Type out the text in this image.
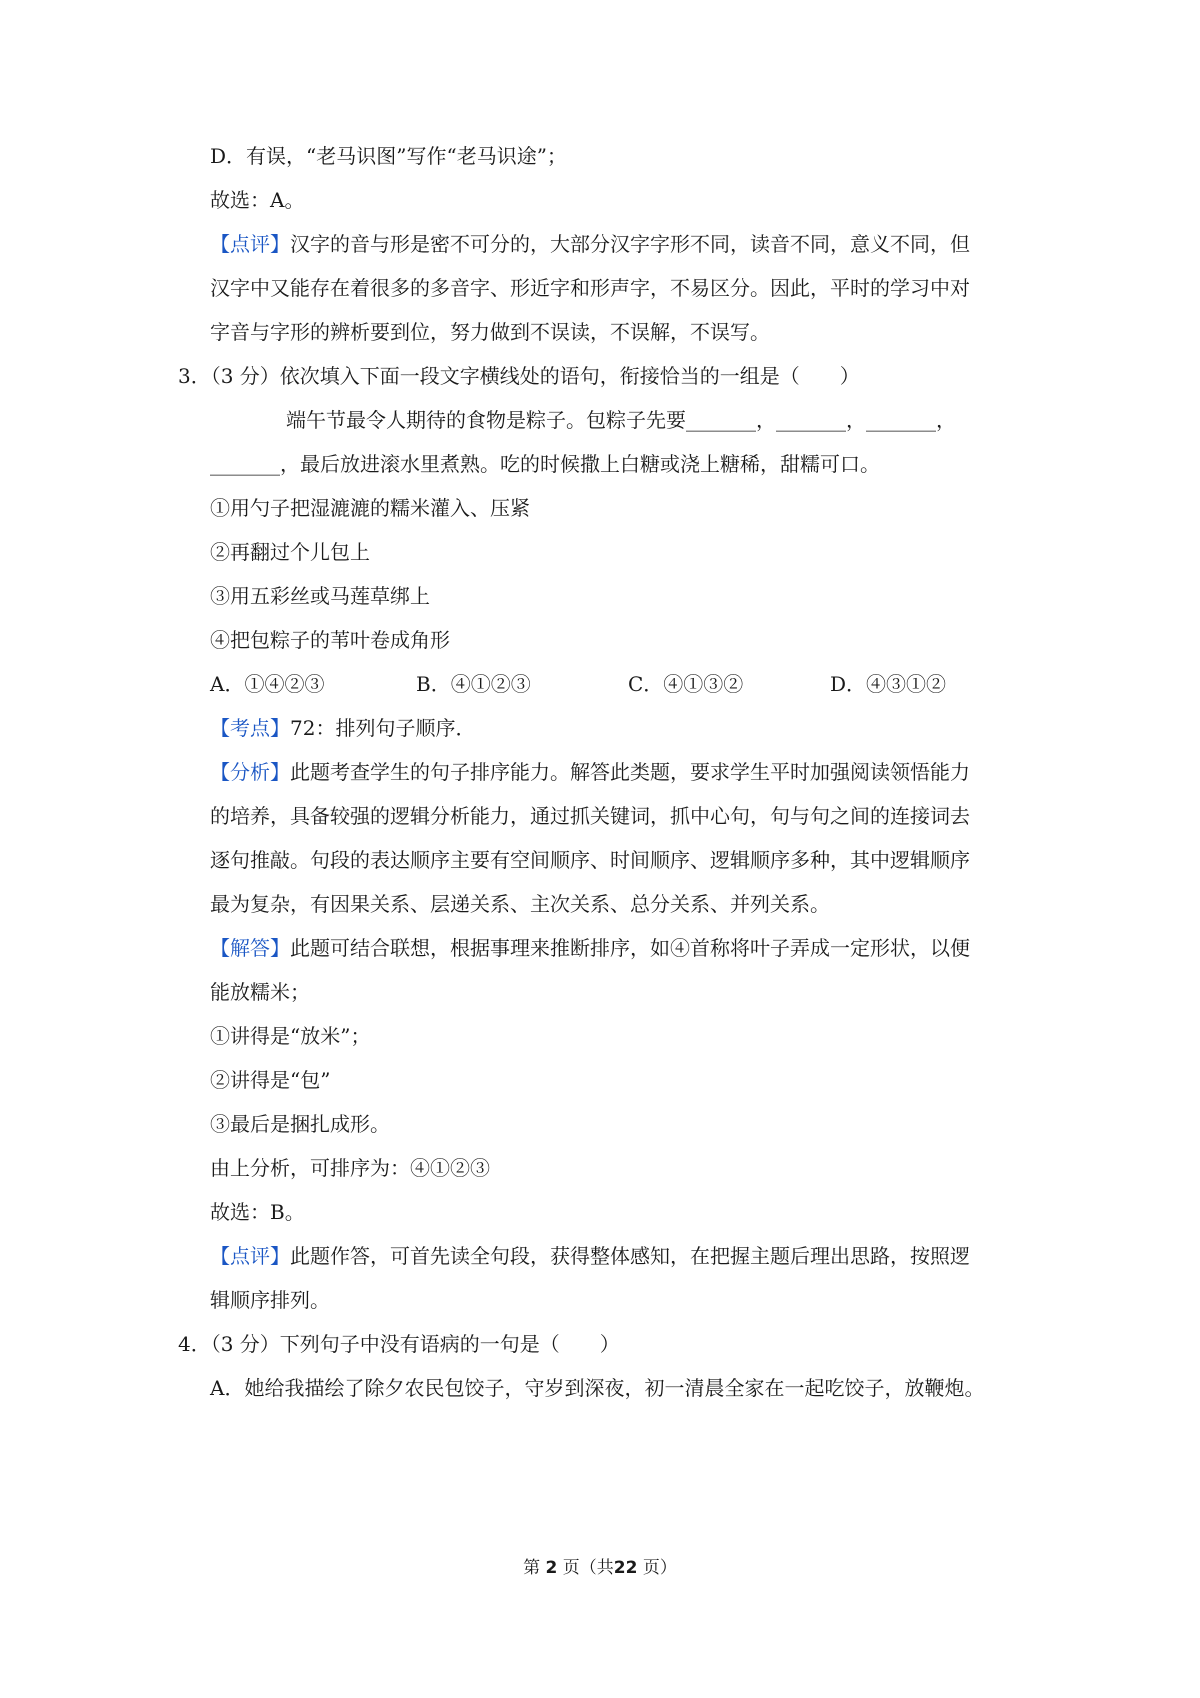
D．有误，“老马识图”写作“老马识途”；
故选：A。
【点评】汉字的音与形是密不可分的，大部分汉字字形不同，读音不同，意义不同，但
汉字中又能存在着很多的多音字、形近字和形声字，不易区分。因此，平时的学习中对
字音与字形的辨析要到位，努力做到不误读，不误解，不误写。
3．（3 分）依次填入下面一段文字横线处的语句，衔接恰当的一组是（　　）
端午节最令人期待的食物是粽子。包粽子先要_______，_______，_______，
_______，最后放进滚水里煮熟。吃的时候撒上白糖或浇上糖稀，甜糯可口。
①用勺子把湿漉漉的糯米灌入、压紧
②再翻过个儿包上
③用五彩丝或马莲草绑上
④把包粽子的苇叶卷成角形
A．①④②③	B．④①②③	C．④①③②	D．④③①②
【考点】72：排列句子顺序．
【分析】此题考查学生的句子排序能力。解答此类题，要求学生平时加强阅读领悟能力
的培养，具备较强的逻辑分析能力，通过抓关键词，抓中心句，句与句之间的连接词去
逐句推敲。句段的表达顺序主要有空间顺序、时间顺序、逻辑顺序多种，其中逻辑顺序
最为复杂，有因果关系、层递关系、主次关系、总分关系、并列关系。
【解答】此题可结合联想，根据事理来推断排序，如④首称将叶子弄成一定形状，以便
能放糯米；
①讲得是“放米”；
②讲得是“包”
③最后是捆扎成形。
由上分析，可排序为：④①②③
故选：B。
【点评】此题作答，可首先读全句段，获得整体感知，在把握主题后理出思路，按照逻
辑顺序排列。
4．（3 分）下列句子中没有语病的一句是（　　）
A．她给我描绘了除夕农民包饺子，守岁到深夜，初一清晨全家在一起吃饺子，放鞭炮。
第 2 页（共22 页）
